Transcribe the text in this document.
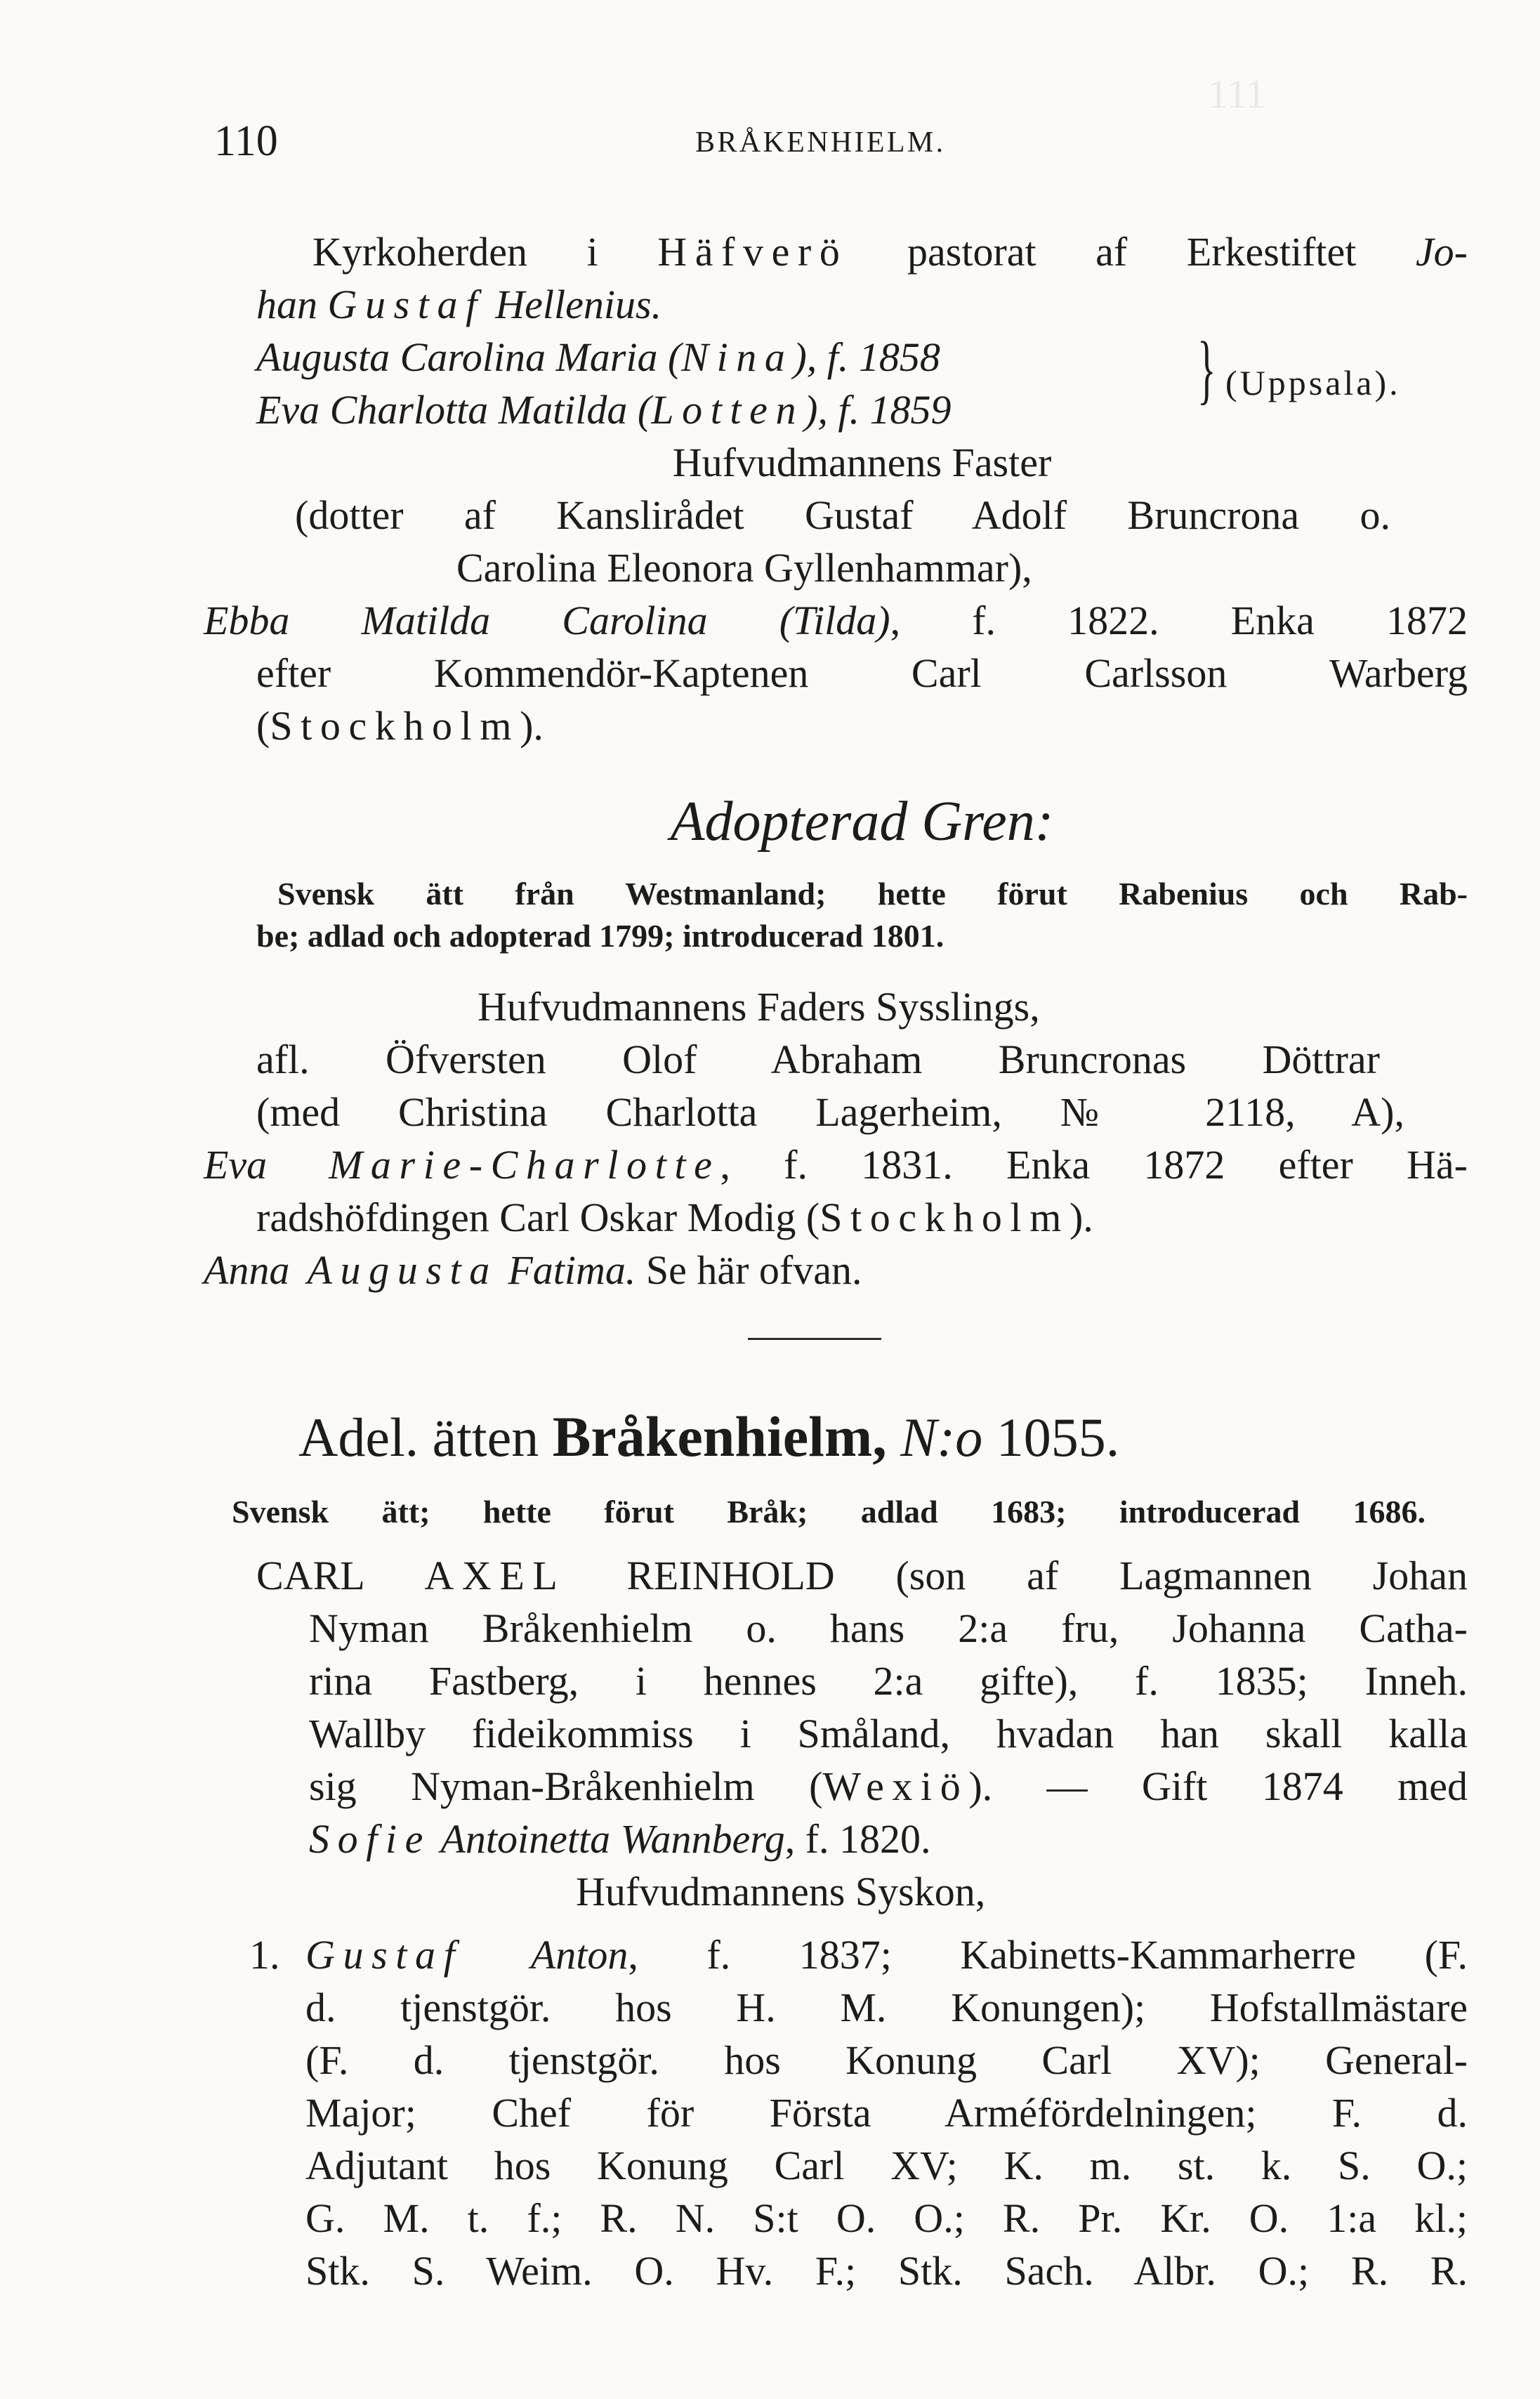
111
110	BRÅKENHIELM.
Kyrkoherden i Häfverö pastorat af Erkestiftet Jo-
han Gustaf Hellenius.
Augusta Carolina Maria (Nina), f. 1858
Eva Charlotta Matilda (Lotten), f. 1859	} (Uppsala).
Hufvudmannens Faster
(dotter af Kanslirådet Gustaf Adolf Bruncrona o.
Carolina Eleonora Gyllenhammar),
Ebba Matilda Carolina (Tilda), f. 1822. Enka 1872
efter Kommendör-Kaptenen Carl Carlsson Warberg
(Stockholm).
Adopterad Gren:
Svensk ätt från Westmanland; hette förut Rabenius och Rab-
be; adlad och adopterad 1799; introducerad 1801.
Hufvudmannens Faders Sysslings,
afl. Öfversten Olof Abraham Bruncronas Döttrar
(med Christina Charlotta Lagerheim, № 2118, A),
Eva Marie-Charlotte, f. 1831. Enka 1872 efter Hä-
radshöfdingen Carl Oskar Modig (Stockholm).
Anna Augusta Fatima. Se här ofvan.
Adel. ätten Bråkenhielm, N:o 1055.
Svensk ätt; hette förut Bråk; adlad 1683; introducerad 1686.
CARL AXEL REINHOLD (son af Lagmannen Johan
Nyman Bråkenhielm o. hans 2:a fru, Johanna Catha-
rina Fastberg, i hennes 2:a gifte), f. 1835; Inneh.
Wallby fideikommiss i Småland, hvadan han skall kalla
sig Nyman-Bråkenhielm (Wexiö). — Gift 1874 med
Sofie Antoinetta Wannberg, f. 1820.
Hufvudmannens Syskon,
1. Gustaf Anton, f. 1837; Kabinetts-Kammarherre (F.
d. tjenstgör. hos H. M. Konungen); Hofstallmästare
(F. d. tjenstgör. hos Konung Carl XV); General-
Major; Chef för Första Arméfördelningen; F. d.
Adjutant hos Konung Carl XV; K. m. st. k. S. O.;
G. M. t. f.; R. N. S:t O. O.; R. Pr. Kr. O. 1:a kl.;
Stk. S. Weim. O. Hv. F.; Stk. Sach. Albr. O.; R. R.
